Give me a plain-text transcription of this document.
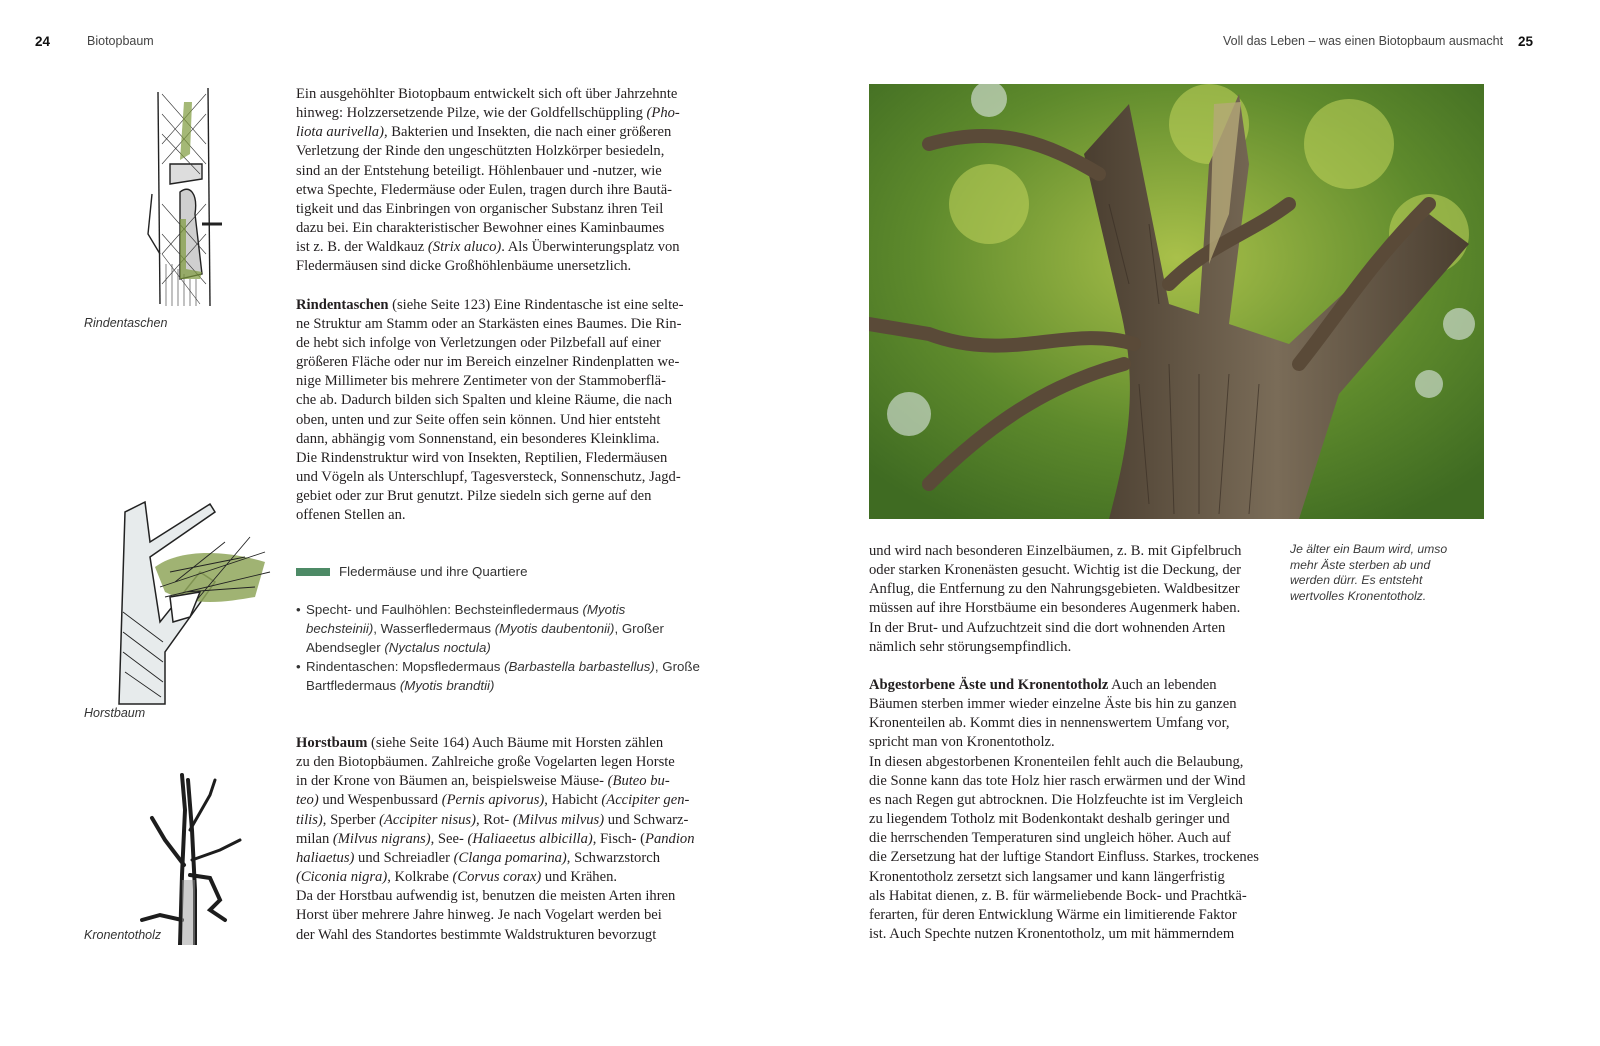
24	Biotopbaum
Rindentaschen
Horstbaum
Kronentotholz

Ein ausgehöhlter Biotopbaum entwickelt sich oft über Jahrzehnte
hinweg: Holzzersetzende Pilze, wie der Goldfellschüppling (Pho-
liota aurivella), Bakterien und Insekten, die nach einer größeren
Verletzung der Rinde den ungeschützten Holzkörper besiedeln,
sind an der Entstehung beteiligt. Höhlenbauer und -nutzer, wie
etwa Spechte, Fledermäuse oder Eulen, tragen durch ihre Bautä-
tigkeit und das Einbringen von organischer Substanz ihren Teil
dazu bei. Ein charakteristischer Bewohner eines Kaminbaumes
ist z. B. der Waldkauz (Strix aluco). Als Überwinterungsplatz von
Fledermäusen sind dicke Großhöhlenbäume unersetzlich.

Rindentaschen (siehe Seite 123) Eine Rindentasche ist eine selte-
ne Struktur am Stamm oder an Starkästen eines Baumes. Die Rin-
de hebt sich infolge von Verletzungen oder Pilzbefall auf einer
größeren Fläche oder nur im Bereich einzelner Rindenplatten we-
nige Millimeter bis mehrere Zentimeter von der Stammoberflä-
che ab. Dadurch bilden sich Spalten und kleine Räume, die nach
oben, unten und zur Seite offen sein können. Und hier entsteht
dann, abhängig vom Sonnenstand, ein besonderes Kleinklima.
Die Rindenstruktur wird von Insekten, Reptilien, Fledermäusen
und Vögeln als Unterschlupf, Tagesversteck, Sonnenschutz, Jagd-
gebiet oder zur Brut genutzt. Pilze siedeln sich gerne auf den
offenen Stellen an.

Fledermäuse und ihre Quartiere
• Specht- und Faulhöhlen: Bechsteinfledermaus (Myotis
bechsteinii), Wasserfledermaus (Myotis daubentonii), Großer
Abendsegler (Nyctalus noctula)
• Rindentaschen: Mopsfledermaus (Barbastella barbastellus), Große
Bartfledermaus (Myotis brandtii)
Horstbaum (siehe Seite 164) Auch Bäume mit Horsten zählen
zu den Biotopbäumen. Zahlreiche große Vogelarten legen Horste
in der Krone von Bäumen an, beispielsweise Mäuse- (Buteo bu-
teo) und Wespenbussard (Pernis apivorus), Habicht (Accipiter gen-
tilis), Sperber (Accipiter nisus), Rot- (Milvus milvus) und Schwarz-
milan (Milvus nigrans), See- (Haliaeetus albicilla), Fisch- (Pandion
haliaetus) und Schreiadler (Clanga pomarina), Schwarzstorch
(Ciconia nigra), Kolkrabe (Corvus corax) und Krähen.
Da der Horstbau aufwendig ist, benutzen die meisten Arten ihren
Horst über mehrere Jahre hinweg. Je nach Vogelart werden bei
der Wahl des Standortes bestimmte Waldstrukturen bevorzugt
Voll das Leben – was einen Biotopbaum ausmacht 25
Je älter ein Baum wird, umso
mehr Äste sterben ab und
werden dürr. Es entsteht
wertvolles Kronentotholz.

und wird nach besonderen Einzelbäumen, z. B. mit Gipfelbruch
oder starken Kronenästen gesucht. Wichtig ist die Deckung, der
Anflug, die Entfernung zu den Nahrungsgebieten. Waldbesitzer
müssen auf ihre Horstbäume ein besonderes Augenmerk haben.
In der Brut- und Aufzuchtzeit sind die dort wohnenden Arten
nämlich sehr störungsempfindlich.

Abgestorbene Äste und Kronentotholz Auch an lebenden
Bäumen sterben immer wieder einzelne Äste bis hin zu ganzen
Kronenteilen ab. Kommt dies in nennenswertem Umfang vor,
spricht man von Kronentotholz.
In diesen abgestorbenen Kronenteilen fehlt auch die Belaubung,
die Sonne kann das tote Holz hier rasch erwärmen und der Wind
es nach Regen gut abtrocknen. Die Holzfeuchte ist im Vergleich
zu liegendem Totholz mit Bodenkontakt deshalb geringer und
die herrschenden Temperaturen sind ungleich höher. Auch auf
die Zersetzung hat der luftige Standort Einfluss. Starkes, trockenes
Kronentotholz zersetzt sich langsamer und kann längerfristig
als Habitat dienen, z. B. für wärmeliebende Bock- und Prachtkä-
ferarten, für deren Entwicklung Wärme ein limitierende Faktor
ist. Auch Spechte nutzen Kronentotholz, um mit hämmerndem
